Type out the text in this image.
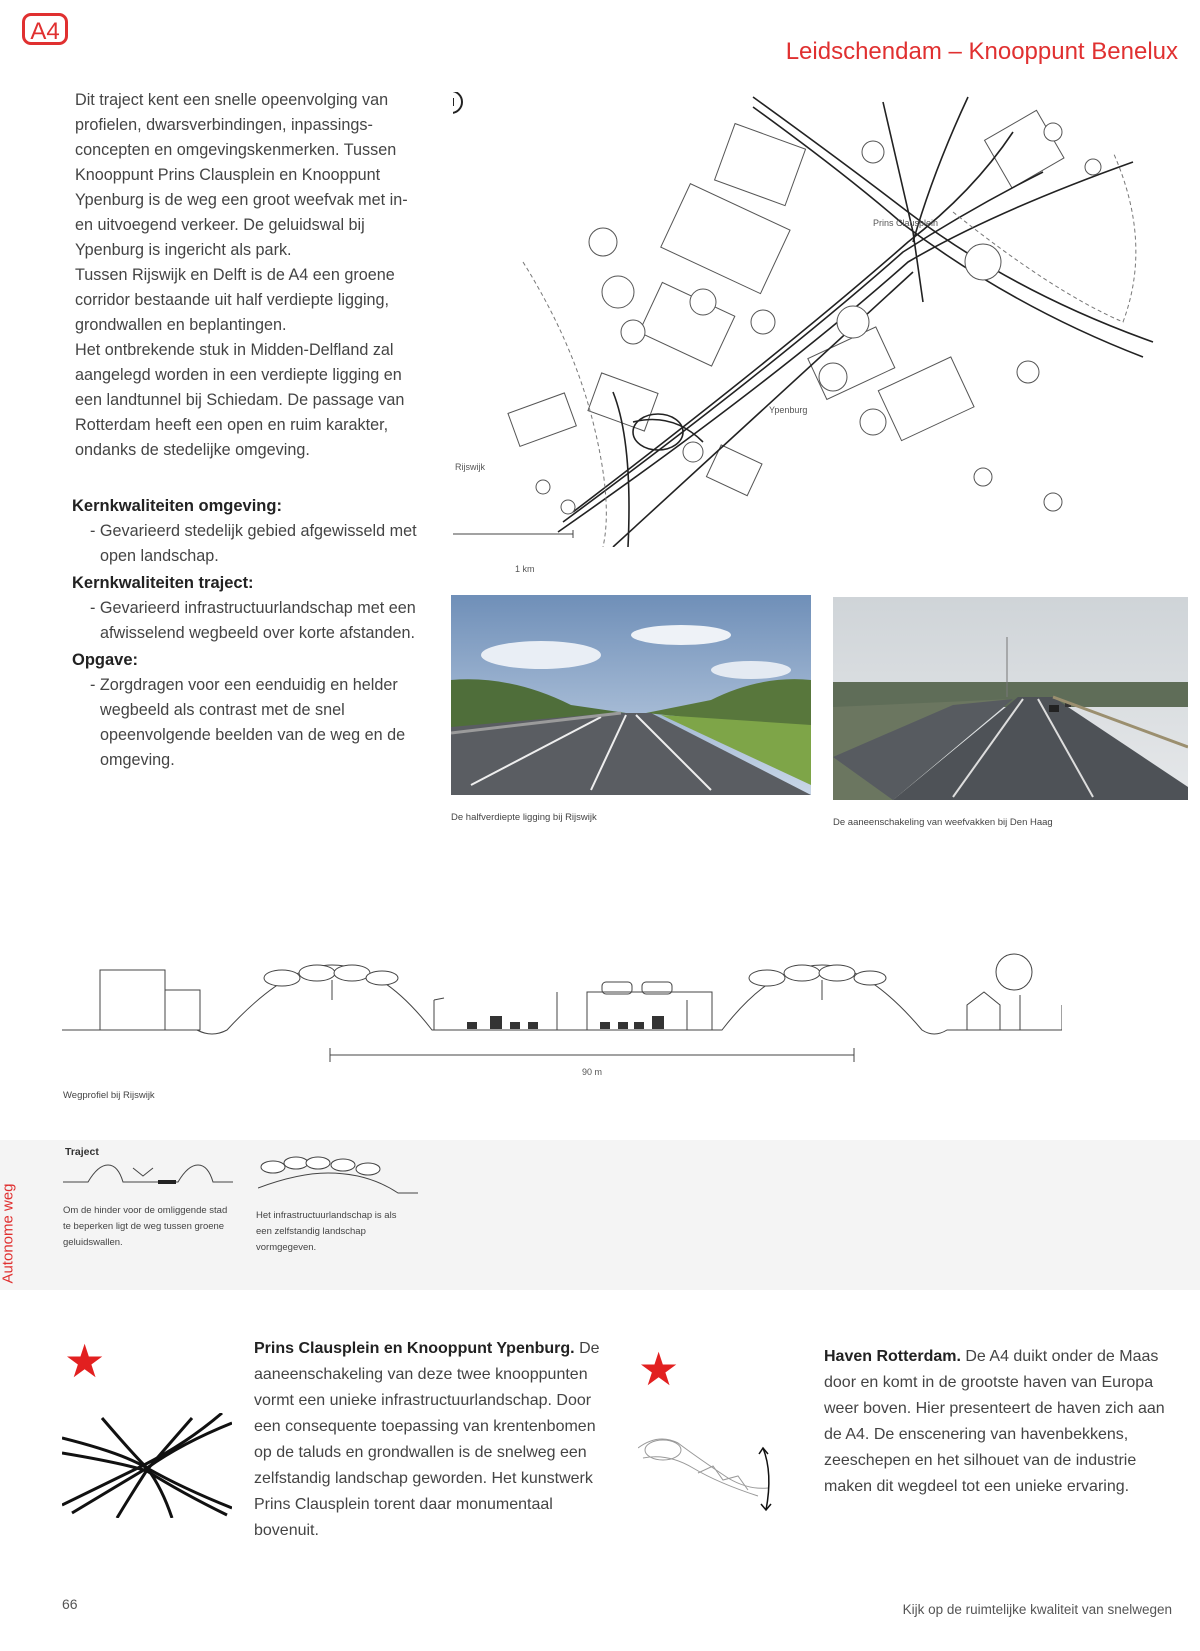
A4
Leidschendam – Knooppunt Benelux

Dit traject kent een snelle opeenvolging van profielen, dwarsverbindingen, inpassings-concepten en omgevingskenmerken. Tussen Knooppunt Prins Clausplein en Knooppunt Ypenburg is de weg een groot weefvak met in- en uitvoegend verkeer. De geluidswal bij Ypenburg is ingericht als park.

Tussen Rijswijk en Delft is de A4 een groene corridor bestaande uit half verdiepte ligging, grondwallen en beplantingen.

Het ontbrekende stuk in Midden-Delfland zal aangelegd worden in een verdiepte ligging en een landtunnel bij Schiedam. De passage van Rotterdam heeft een open en ruim karakter, ondanks de stedelijke omgeving.

Kernkwaliteiten omgeving:
- Gevarieerd stedelijk gebied afgewisseld met open landschap.
Kernkwaliteiten traject:
- Gevarieerd infrastructuurlandschap met een afwisselend wegbeeld over korte afstanden.
Opgave:
- Zorgdragen voor een eenduidig en helder wegbeeld als contrast met de snel opeenvolgende beelden van de weg en de omgeving.
Prins Clausplein
Ypenburg
Rijswijk
1 km
De halfverdiepte ligging bij Rijswijk	De aaneenschakeling van weefvakken bij Den Haag
90 m
Wegprofiel bij Rijswijk
Autonome weg
Traject
Om de hinder voor de omliggende stad te beperken ligt de weg tussen groene geluidswallen.
Het infrastructuurlandschap is als een zelfstandig landschap vormgegeven.
★	Prins Clausplein en Knooppunt Ypenburg. De aaneenschakeling van deze twee knooppunten vormt een unieke infrastructuurlandschap. Door een consequente toepassing van krentenbomen op de taluds en grondwallen is de snelweg een zelfstandig landschap geworden. Het kunstwerk Prins Clausplein torent daar monumentaal bovenuit.
★	Haven Rotterdam. De A4 duikt onder de Maas door en komt in de grootste haven van Europa weer boven. Hier presenteert de haven zich aan de A4. De enscenering van havenbekkens, zeeschepen en het silhouet van de industrie maken dit wegdeel tot een unieke ervaring.
66	Kijk op de ruimtelijke kwaliteit van snelwegen
